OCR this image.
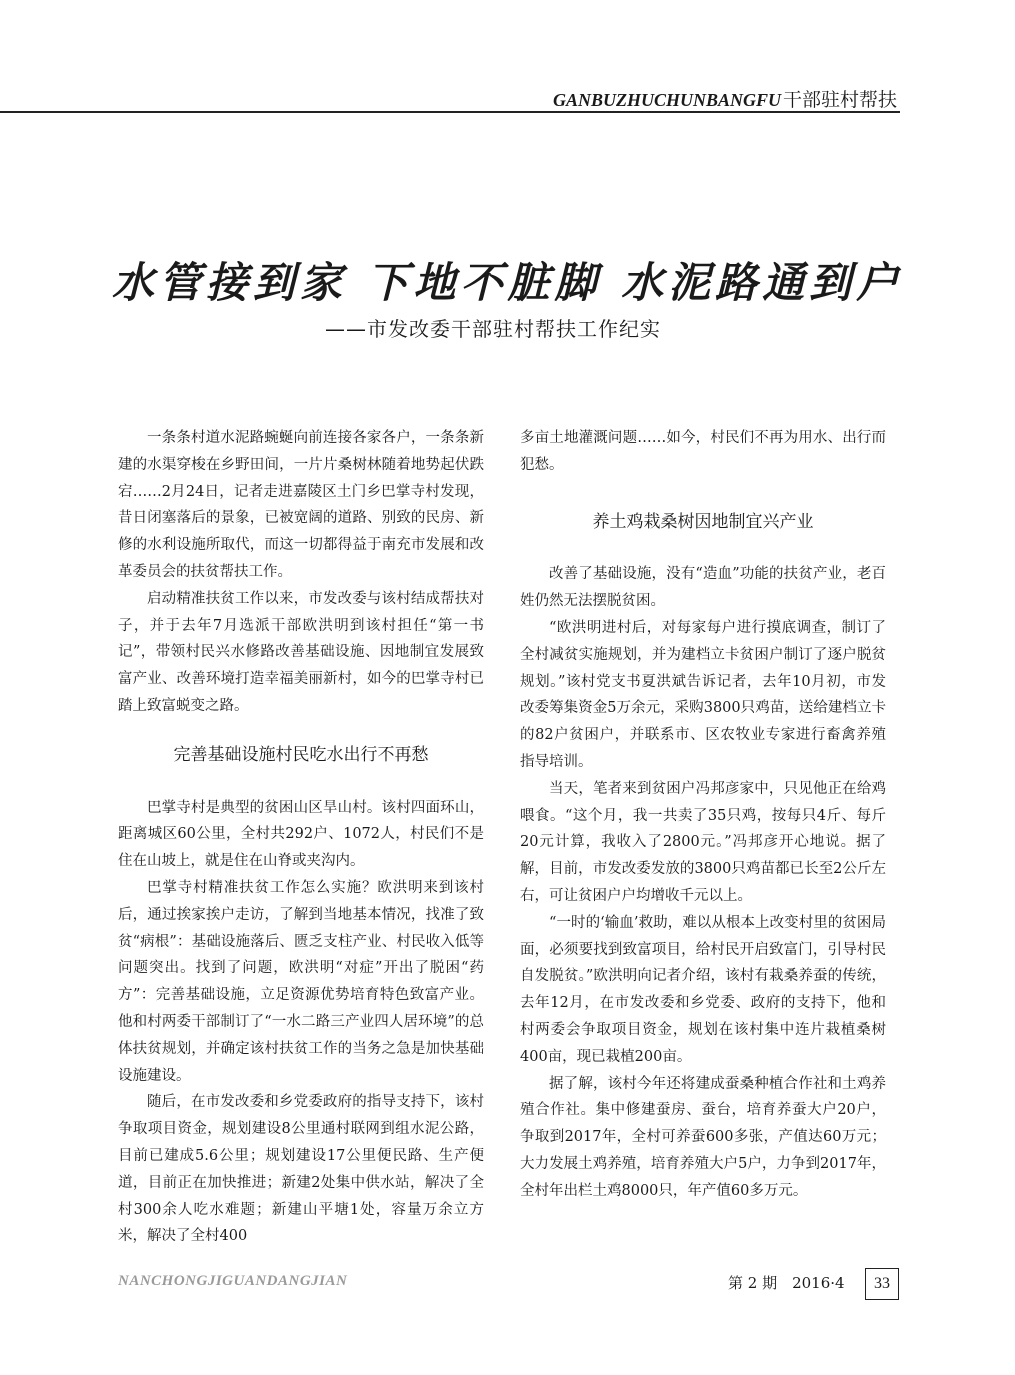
GANBUZHUCHUNBANGFU 干部驻村帮扶
水管接到家 下地不脏脚 水泥路通到户
——市发改委干部驻村帮扶工作纪实

一条条村道水泥路蜿蜒向前连接各家各户，一条条新建的水渠穿梭在乡野田间，一片片桑树林随着地势起伏跌宕……2月24日，记者走进嘉陵区土门乡巴掌寺村发现，昔日闭塞落后的景象，已被宽阔的道路、别致的民房、新修的水利设施所取代，而这一切都得益于南充市发展和改革委员会的扶贫帮扶工作。

启动精准扶贫工作以来，市发改委与该村结成帮扶对子，并于去年7月选派干部欧洪明到该村担任“第一书记”，带领村民兴水修路改善基础设施、因地制宜发展致富产业、改善环境打造幸福美丽新村，如今的巴掌寺村已踏上致富蜕变之路。

完善基础设施村民吃水出行不再愁

巴掌寺村是典型的贫困山区旱山村。该村四面环山，距离城区60公里，全村共292户、1072人，村民们不是住在山坡上，就是住在山脊或夹沟内。

巴掌寺村精准扶贫工作怎么实施？欧洪明来到该村后，通过挨家挨户走访，了解到当地基本情况，找准了致贫“病根”：基础设施落后、匮乏支柱产业、村民收入低等问题突出。找到了问题，欧洪明“对症”开出了脱困“药方”：完善基础设施，立足资源优势培育特色致富产业。他和村两委干部制订了“一水二路三产业四人居环境”的总体扶贫规划，并确定该村扶贫工作的当务之急是加快基础设施建设。

随后，在市发改委和乡党委政府的指导支持下，该村争取项目资金，规划建设8公里通村联网到组水泥公路，目前已建成5.6公里；规划建设17公里便民路、生产便道，目前正在加快推进；新建2处集中供水站，解决了全村300余人吃水难题；新建山平塘1处，容量万余立方米，解决了全村400

多亩土地灌溉问题……如今，村民们不再为用水、出行而犯愁。

养土鸡栽桑树因地制宜兴产业

改善了基础设施，没有“造血”功能的扶贫产业，老百姓仍然无法摆脱贫困。

“欧洪明进村后，对每家每户进行摸底调查，制订了全村减贫实施规划，并为建档立卡贫困户制订了逐户脱贫规划。”该村党支书夏洪斌告诉记者，去年10月初，市发改委筹集资金5万余元，采购3800只鸡苗，送给建档立卡的82户贫困户，并联系市、区农牧业专家进行畜禽养殖指导培训。

当天，笔者来到贫困户冯邦彦家中，只见他正在给鸡喂食。“这个月，我一共卖了35只鸡，按每只4斤、每斤20元计算，我收入了2800元。”冯邦彦开心地说。据了解，目前，市发改委发放的3800只鸡苗都已长至2公斤左右，可让贫困户户均增收千元以上。

“一时的‘输血’救助，难以从根本上改变村里的贫困局面，必须要找到致富项目，给村民开启致富门，引导村民自发脱贫。”欧洪明向记者介绍，该村有栽桑养蚕的传统，去年12月，在市发改委和乡党委、政府的支持下，他和村两委会争取项目资金，规划在该村集中连片栽植桑树400亩，现已栽植200亩。

据了解，该村今年还将建成蚕桑种植合作社和土鸡养殖合作社。集中修建蚕房、蚕台，培育养蚕大户20户，争取到2017年，全村可养蚕600多张，产值达60万元；大力发展土鸡养殖，培育养殖大户5户，力争到2017年，全村年出栏土鸡8000只，年产值60多万元。

NANCHONGJIGUANDANGJIAN	第 2 期　2016·4	33
